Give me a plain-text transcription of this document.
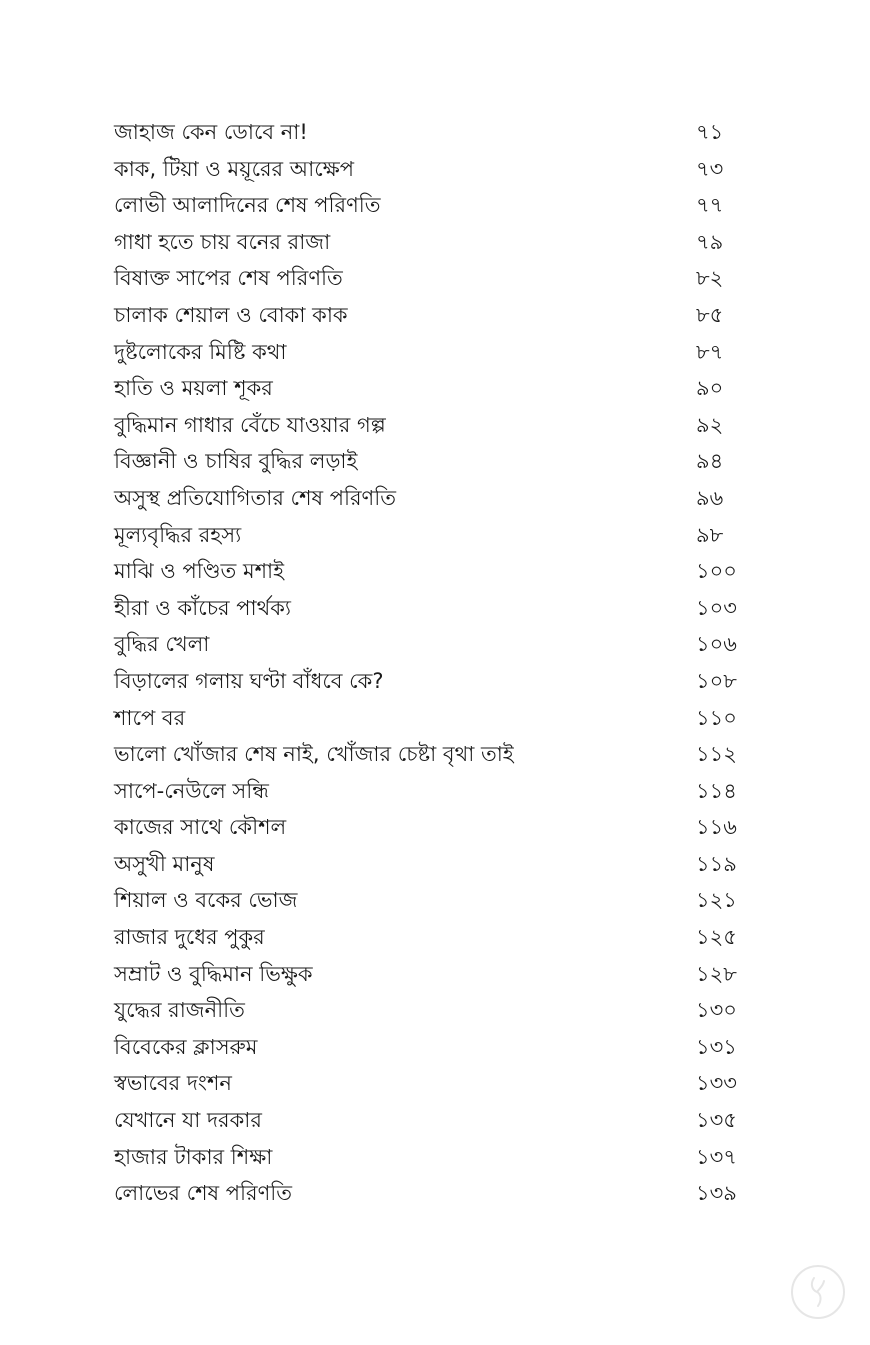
জাহাজ কেন ডোবে না!	৭১
কাক, টিয়া ও ময়ূরের আক্ষেপ	৭৩
লোভী আলাদিনের শেষ পরিণতি	৭৭
গাধা হতে চায় বনের রাজা	৭৯
বিষাক্ত সাপের শেষ পরিণতি	৮২
চালাক শেয়াল ও বোকা কাক	৮৫
দুষ্টলোকের মিষ্টি কথা	৮৭
হাতি ও ময়লা শূকর	৯০
বুদ্ধিমান গাধার বেঁচে যাওয়ার গল্প	৯২
বিজ্ঞানী ও চাষির বুদ্ধির লড়াই	৯৪
অসুস্থ প্রতিযোগিতার শেষ পরিণতি	৯৬
মূল্যবৃদ্ধির রহস্য	৯৮
মাঝি ও পণ্ডিত মশাই	১০০
হীরা ও কাঁচের পার্থক্য	১০৩
বুদ্ধির খেলা	১০৬
বিড়ালের গলায় ঘণ্টা বাঁধবে কে?	১০৮
শাপে বর	১১০
ভালো খোঁজার শেষ নাই, খোঁজার চেষ্টা বৃথা তাই	১১২
সাপে-নেউলে সন্ধি	১১৪
কাজের সাথে কৌশল	১১৬
অসুখী মানুষ	১১৯
শিয়াল ও বকের ভোজ	১২১
রাজার দুধের পুকুর	১২৫
সম্রাট ও বুদ্ধিমান ভিক্ষুক	১২৮
যুদ্ধের রাজনীতি	১৩০
বিবেকের ক্লাসরুম	১৩১
স্বভাবের দংশন	১৩৩
যেখানে যা দরকার	১৩৫
হাজার টাকার শিক্ষা	১৩৭
লোভের শেষ পরিণতি	১৩৯
